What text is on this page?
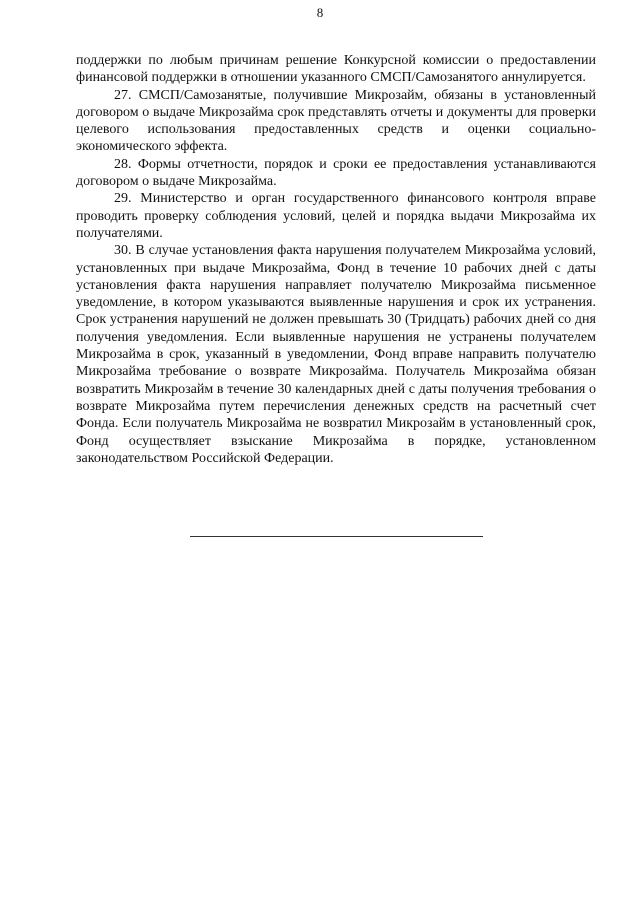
8

поддержки по любым причинам решение Конкурсной комиссии о предоставлении финансовой поддержки в отношении указанного СМСП/Самозанятого аннулируется.

27. СМСП/Самозанятые, получившие Микрозайм, обязаны в установленный договором о выдаче Микрозайма срок представлять отчеты и документы для проверки целевого использования предоставленных средств и оценки социально-экономического эффекта.

28. Формы отчетности, порядок и сроки ее предоставления устанавливаются договором о выдаче Микрозайма.

29. Министерство и орган государственного финансового контроля вправе проводить проверку соблюдения условий, целей и порядка выдачи Микрозайма их получателями.

30. В случае установления факта нарушения получателем Микрозайма условий, установленных при выдаче Микрозайма, Фонд в течение 10 рабочих дней с даты установления факта нарушения направляет получателю Микрозайма письменное уведомление, в котором указываются выявленные нарушения и срок их устранения. Срок устранения нарушений не должен превышать 30 (Тридцать) рабочих дней со дня получения уведомления. Если выявленные нарушения не устранены получателем Микрозайма в срок, указанный в уведомлении, Фонд вправе направить получателю Микрозайма требование о возврате Микрозайма. Получатель Микрозайма обязан возвратить Микрозайм в течение 30 календарных дней с даты получения требования о возврате Микрозайма путем перечисления денежных средств на расчетный счет Фонда. Если получатель Микрозайма не возвратил Микрозайм в установленный срок, Фонд осуществляет взыскание Микрозайма в порядке, установленном законодательством Российской Федерации.
